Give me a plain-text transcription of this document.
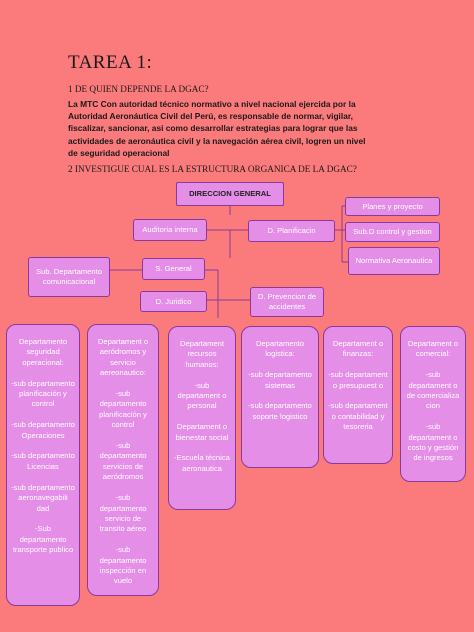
TAREA 1:
1 DE QUIEN DEPENDE LA DGAC?
La MTC Con autoridad técnico normativo a nivel nacional ejercida por la Autoridad Aeronáutica Civil del Perú, es responsable de normar, vigilar, fiscalizar, sancionar, asi como desarrollar estrategias para lograr que las actividades de aeronáutica civil y la navegación aérea civil, logren un nivel de seguridad operacional
2 INVESTIGUE CUAL ES LA ESTRUCTURA ORGANICA DE LA DGAC?
DIRECCION GENERAL
Auditoria interna	D. Planificacin
Planes y proyecto
Sub.D control y gestion
Normativa Aeronautica
Sub. Departamento comunicacional
S. General
D. Juridico	D. Prevencion de accidentes
Departamento seguridad operacional:

-sub departamento planificación y control

-sub departamento Operaciones

-sub departamento Licencias

-sub departamento aeronavegabili dad

-Sub departamento transporte publico
Departament o aeródromos y servicio aereonautico:

-sub departamento planificación y control

-sub departamento servicios de aeródromos

-sub departamento servicio de transito aéreo

-sub departamento inspección en vuelo
Departament recursos humanos:

-sub departament o personal

Departament o bienestar social

-Escuela técnica aeronautica
Departamento logistica:

-sub departamento sistemas

-sub departamento soporte logistico
Departament o finanzas:

-sub departament o presupuest o

-sub departament o contabilidad y tesoreria
Departament o comercial:

-sub departament o de comercializa cion

-sub departament o costo y gestión de ingresos
